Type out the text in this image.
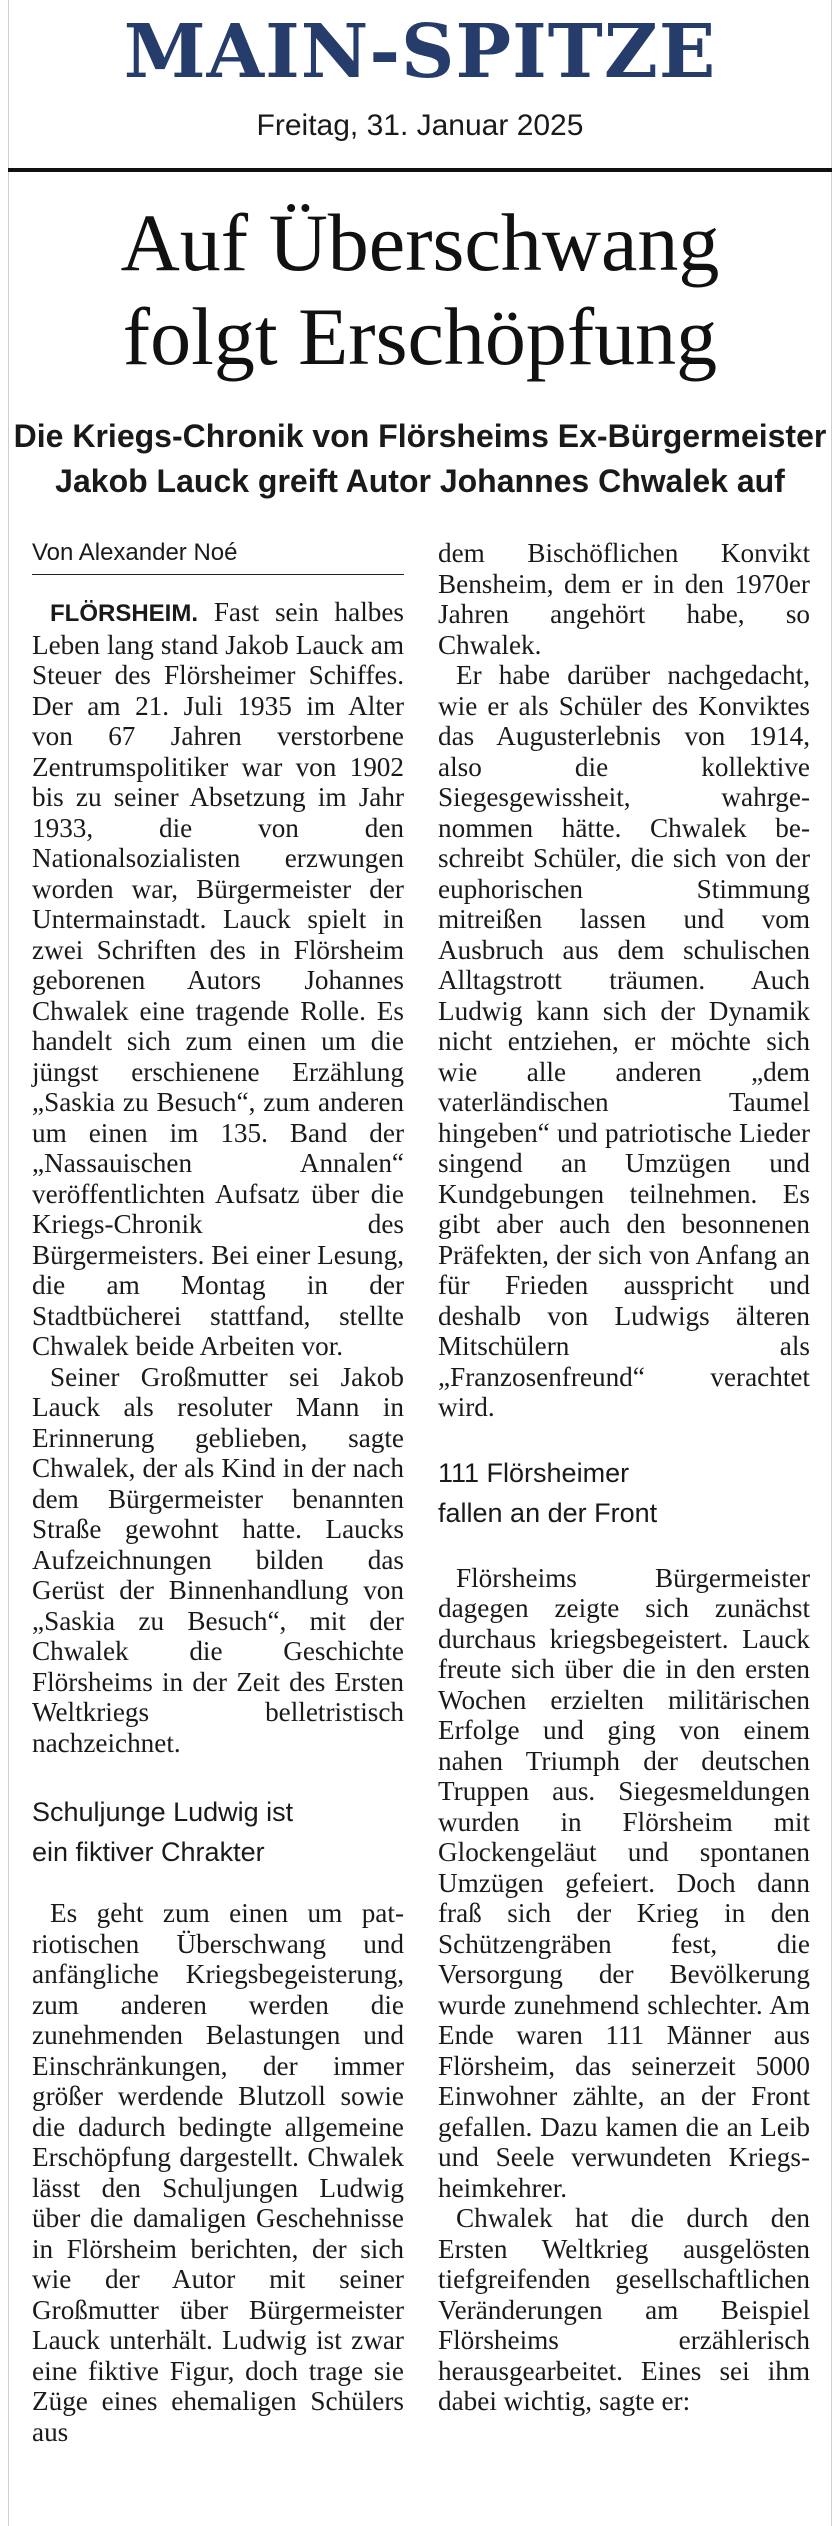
MAIN-SPITZE
Freitag, 31. Januar 2025
Auf Überschwang
folgt Erschöpfung
Die Kriegs-Chronik von Flörsheims Ex-Bürgermeister
Jakob Lauck greift Autor Johannes Chwalek auf
Von Alexander Noé

FLÖRSHEIM. Fast sein halbes Leben lang stand Jakob Lauck am Steuer des Flörsheimer Schiffes. Der am 21. Juli 1935 im Alter von 67 Jahren verstorbene Zentrumspolitiker war von 1902 bis zu seiner Absetzung im Jahr 1933, die von den Nationalsozialisten erzwungen worden war, Bürgermeister der Untermainstadt. Lauck spielt in zwei Schriften des in Flörsheim geborenen Autors Johannes Chwalek eine tragende Rolle. Es handelt sich zum einen um die jüngst erschienene Erzählung „Saskia zu Besuch“, zum anderen um einen im 135. Band der „Nassauischen Annalen“ veröffentlichten Aufsatz über die Kriegs-Chronik des Bürgermeisters. Bei einer Lesung, die am Montag in der Stadtbücherei stattfand, stellte Chwalek beide Arbeiten vor.

Seiner Großmutter sei Jakob Lauck als resoluter Mann in Erinnerung geblieben, sagte Chwalek, der als Kind in der nach dem Bürgermeister benannten Straße gewohnt hatte. Laucks Aufzeichnungen bilden das Gerüst der Binnenhandlung von „Saskia zu Besuch“, mit der Chwalek die Geschichte Flörsheims in der Zeit des Ersten Weltkriegs belletristisch nachzeichnet.

Schuljunge Ludwig ist
ein fiktiver Chrakter

Es geht zum einen um patriotischen Überschwang und anfängliche Kriegsbegeisterung, zum anderen werden die zunehmenden Belastungen und Einschränkungen, der immer größer werdende Blutzoll sowie die dadurch bedingte allgemeine Erschöpfung dargestellt. Chwalek lässt den Schuljungen Ludwig über die damaligen Geschehnisse in Flörsheim berichten, der sich wie der Autor mit seiner Großmutter über Bürgermeister Lauck unterhält. Ludwig ist zwar eine fiktive Figur, doch trage sie Züge eines ehemaligen Schülers aus

dem Bischöflichen Konvikt Bensheim, dem er in den 1970er Jahren angehört habe, so Chwalek.

Er habe darüber nachgedacht, wie er als Schüler des Konviktes das Augusterlebnis von 1914, also die kollektive Siegesgewissheit, wahrgenommen hätte. Chwalek beschreibt Schüler, die sich von der euphorischen Stimmung mitreißen lassen und vom Ausbruch aus dem schulischen Alltagstrott träumen. Auch Ludwig kann sich der Dynamik nicht entziehen, er möchte sich wie alle anderen „dem vaterländischen Taumel hingeben“ und patriotische Lieder singend an Umzügen und Kundgebungen teilnehmen. Es gibt aber auch den besonnenen Präfekten, der sich von Anfang an für Frieden ausspricht und deshalb von Ludwigs älteren Mitschülern als „Franzosenfreund“ verachtet wird.

111 Flörsheimer
fallen an der Front

Flörsheims Bürgermeister dagegen zeigte sich zunächst durchaus kriegsbegeistert. Lauck freute sich über die in den ersten Wochen erzielten militärischen Erfolge und ging von einem nahen Triumph der deutschen Truppen aus. Siegesmeldungen wurden in Flörsheim mit Glockengeläut und spontanen Umzügen gefeiert. Doch dann fraß sich der Krieg in den Schützengräben fest, die Versorgung der Bevölkerung wurde zunehmend schlechter. Am Ende waren 111 Männer aus Flörsheim, das seinerzeit 5000 Einwohner zählte, an der Front gefallen. Dazu kamen die an Leib und Seele verwundeten Kriegsheimkehrer.

Chwalek hat die durch den Ersten Weltkrieg ausgelösten tiefgreifenden gesellschaftlichen Veränderungen am Beispiel Flörsheims erzählerisch herausgearbeitet. Eines sei ihm dabei wichtig, sagte er:
